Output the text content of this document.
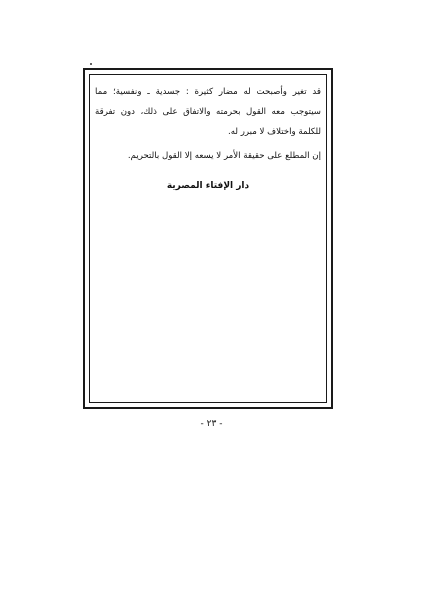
قد تغير وأصبحت له مضار كثيرة : جسدية ـ ونفسية؛ مما سيتوجب معه القول بحرمته والاتفاق على ذلك، دون تفرقة للكلمة واختلاف لا مبرر له.

إن المطلع على حقيقة الأمر لا يسعه إلا القول بالتحريم.

دار الإفتاء المصرية
- ٢٣ -
